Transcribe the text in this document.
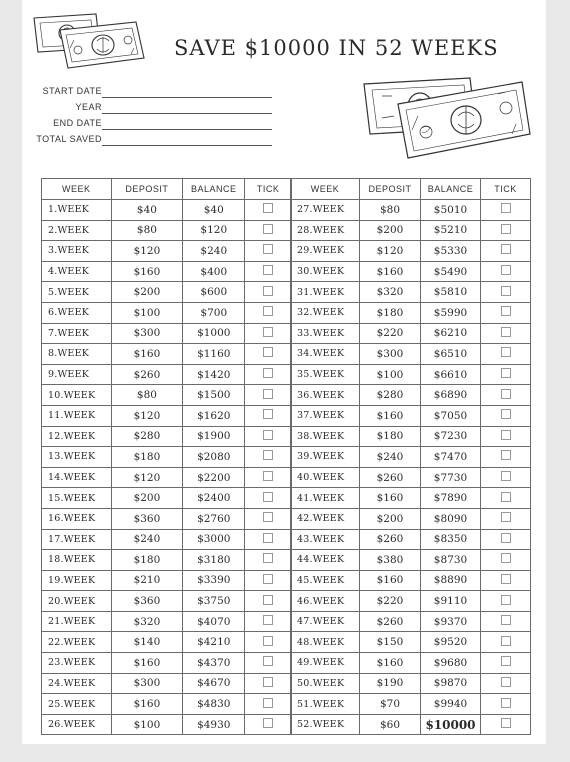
SAVE $10000 IN 52 WEEKS
START DATE
YEAR
END DATE
TOTAL SAVED
WEEK	DEPOSIT	BALANCE	TICK
1.WEEK	$40	$40	
2.WEEK	$80	$120	
3.WEEK	$120	$240	
4.WEEK	$160	$400	
5.WEEK	$200	$600	
6.WEEK	$100	$700	
7.WEEK	$300	$1000	
8.WEEK	$160	$1160	
9.WEEK	$260	$1420	
10.WEEK	$80	$1500	
11.WEEK	$120	$1620	
12.WEEK	$280	$1900	
13.WEEK	$180	$2080	
14.WEEK	$120	$2200	
15.WEEK	$200	$2400	
16.WEEK	$360	$2760	
17.WEEK	$240	$3000	
18.WEEK	$180	$3180	
19.WEEK	$210	$3390	
20.WEEK	$360	$3750	
21.WEEK	$320	$4070	
22.WEEK	$140	$4210	
23.WEEK	$160	$4370	
24.WEEK	$300	$4670	
25.WEEK	$160	$4830	
26.WEEK	$100	$4930	
WEEK	DEPOSIT	BALANCE	TICK
27.WEEK	$80	$5010	
28.WEEK	$200	$5210	
29.WEEK	$120	$5330	
30.WEEK	$160	$5490	
31.WEEK	$320	$5810	
32.WEEK	$180	$5990	
33.WEEK	$220	$6210	
34.WEEK	$300	$6510	
35.WEEK	$100	$6610	
36.WEEK	$280	$6890	
37.WEEK	$160	$7050	
38.WEEK	$180	$7230	
39.WEEK	$240	$7470	
40.WEEK	$260	$7730	
41.WEEK	$160	$7890	
42.WEEK	$200	$8090	
43.WEEK	$260	$8350	
44.WEEK	$380	$8730	
45.WEEK	$160	$8890	
46.WEEK	$220	$9110	
47.WEEK	$260	$9370	
48.WEEK	$150	$9520	
49.WEEK	$160	$9680	
50.WEEK	$190	$9870	
51.WEEK	$70	$9940	
52.WEEK	$60	$10000	
